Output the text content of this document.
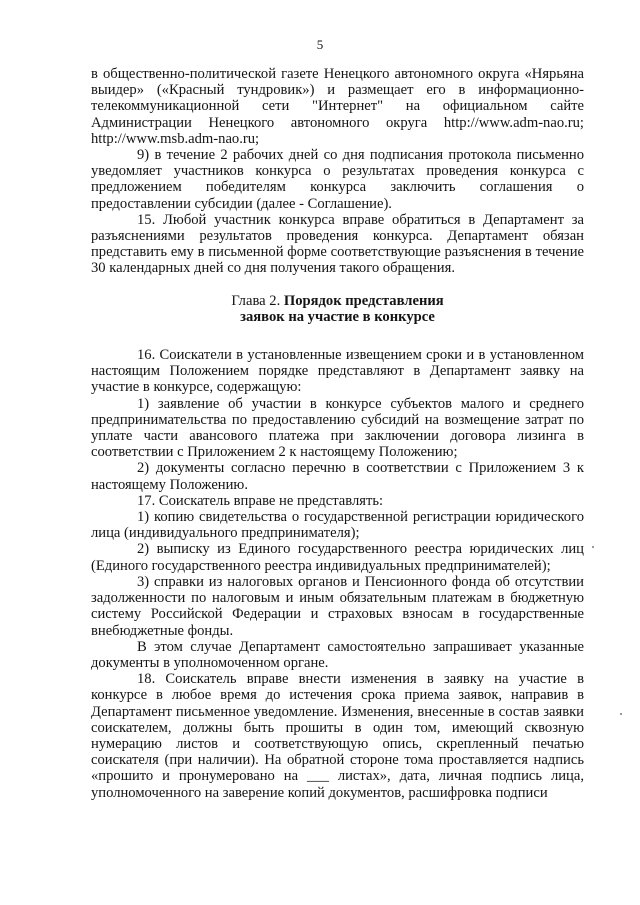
5

в общественно-политической газете Ненецкого автономного округа «Нярьяна выидер» («Красный тундровик») и размещает его в информационно-телекоммуникационной сети "Интернет" на официальном сайте Администрации Ненецкого автономного округа http://www.adm-nao.ru; http://www.msb.adm-nao.ru;

9) в течение 2 рабочих дней со дня подписания протокола письменно уведомляет участников конкурса о результатах проведения конкурса с предложением победителям конкурса заключить соглашения о предоставлении субсидии (далее - Соглашение).

15. Любой участник конкурса вправе обратиться в Департамент за разъяснениями результатов проведения конкурса. Департамент обязан представить ему в письменной форме соответствующие разъяснения в течение 30 календарных дней со дня получения такого обращения.

Глава 2. Порядок представления
заявок на участие в конкурсе

16. Соискатели в установленные извещением сроки и в установленном настоящим Положением порядке представляют в Департамент заявку на участие в конкурсе, содержащую:

1) заявление об участии в конкурсе субъектов малого и среднего предпринимательства по предоставлению субсидий на возмещение затрат по уплате части авансового платежа при заключении договора лизинга в соответствии с Приложением 2 к настоящему Положению;

2) документы согласно перечню в соответствии с Приложением 3 к настоящему Положению.

17. Соискатель вправе не представлять:

1) копию свидетельства о государственной регистрации юридического лица (индивидуального предпринимателя);

2) выписку из Единого государственного реестра юридических лиц (Единого государственного реестра индивидуальных предпринимателей);

3) справки из налоговых органов и Пенсионного фонда об отсутствии задолженности по налоговым и иным обязательным платежам в бюджетную систему Российской Федерации и страховых взносам в государственные внебюджетные фонды.

В этом случае Департамент самостоятельно запрашивает указанные документы в уполномоченном органе.

18. Соискатель вправе внести изменения в заявку на участие в конкурсе в любое время до истечения срока приема заявок, направив в Департамент письменное уведомление. Изменения, внесенные в состав заявки соискателем, должны быть прошиты в один том, имеющий сквозную нумерацию листов и соответствующую опись, скрепленный печатью соискателя (при наличии). На обратной стороне тома проставляется надпись «прошито и пронумеровано на ___ листах», дата, личная подпись лица, уполномоченного на заверение копий документов, расшифровка подписи
